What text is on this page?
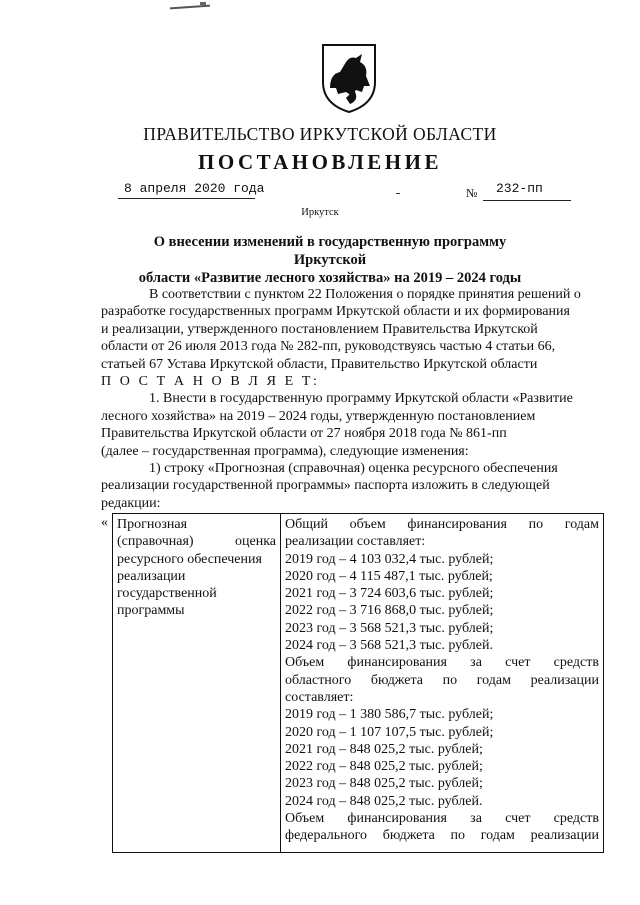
ПРАВИТЕЛЬСТВО ИРКУТСКОЙ ОБЛАСТИ
ПОСТАНОВЛЕНИЕ
8 апреля 2020 года	№ 232-пп
Иркутск
О внесении изменений в государственную программу Иркутской
области «Развитие лесного хозяйства» на 2019 – 2024 годы

В соответствии с пунктом 22 Положения о порядке принятия решений о

разработке государственных программ Иркутской области и их формирования

и реализации, утвержденного постановлением Правительства Иркутской

области от 26 июля 2013 года № 282-пп, руководствуясь частью 4 статьи 66,

статьей 67 Устава Иркутской области, Правительство Иркутской области

П О С Т А Н О В Л Я Е Т:

1. Внести в государственную программу Иркутской области «Развитие

лесного хозяйства» на 2019 – 2024 годы, утвержденную постановлением

Правительства Иркутской области от 27 ноября 2018 года № 861-пп

(далее – государственная программа), следующие изменения:

1) строку «Прогнозная (справочная) оценка ресурсного обеспечения

реализации государственной программы» паспорта изложить в следующей

редакции:

« Прогнозная
(справочная) оценка
ресурсного обеспечения
реализации
государственной
программы
Общий объем финансирования по годам
реализации составляет:
2019 год – 4 103 032,4 тыс. рублей;
2020 год – 4 115 487,1 тыс. рублей;
2021 год – 3 724 603,6 тыс. рублей;
2022 год – 3 716 868,0 тыс. рублей;
2023 год – 3 568 521,3 тыс. рублей;
2024 год – 3 568 521,3 тыс. рублей.
Объем финансирования за счет средств
областного бюджета по годам реализации
составляет:
2019 год – 1 380 586,7 тыс. рублей;
2020 год – 1 107 107,5 тыс. рублей;
2021 год – 848 025,2 тыс. рублей;
2022 год – 848 025,2 тыс. рублей;
2023 год – 848 025,2 тыс. рублей;
2024 год – 848 025,2 тыс. рублей.
Объем финансирования за счет средств
федерального бюджета по годам реализации
